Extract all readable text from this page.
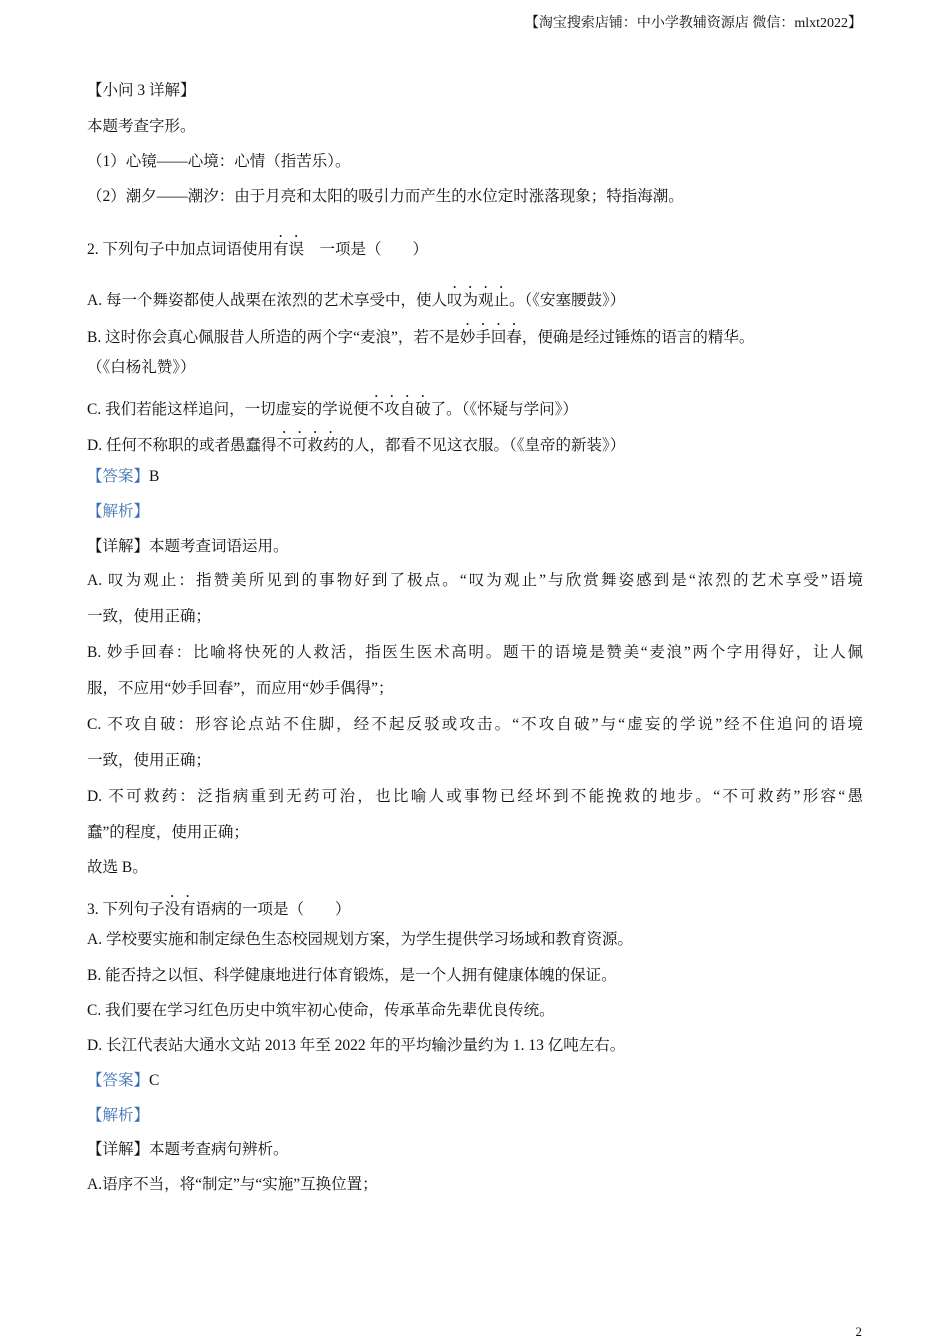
【淘宝搜索店铺：中小学教辅资源店 微信：mlxt2022】
【小问 3 详解】
本题考查字形。
（1）心镜——心境：心情（指苦乐）。
（2）潮夕——潮汐：由于月亮和太阳的吸引力而产生的水位定时涨落现象；特指海潮。
2. 下列句子中加点词语使用有误　 一项是（　　）
A. 每一个舞姿都使人战栗在浓烈的艺术享受中，使人叹为观止。（《安塞腰鼓》）
B. 这时你会真心佩服昔人所造的两个字“麦浪”，若不是妙手回春，便确是经过锤炼的语言的精华。
（《白杨礼赞》）
C. 我们若能这样追问，一切虚妄的学说便不攻自破了。（《怀疑与学问》）
D. 任何不称职的或者愚蠢得不可救药的人，都看不见这衣服。（《皇帝的新装》）
【答案】B
【解析】
【详解】本题考查词语运用。
A. 叹为观止：指赞美所见到的事物好到了极点。“叹为观止”与欣赏舞姿感到是“浓烈的艺术享受”语境
一致，使用正确；
B. 妙手回春：比喻将快死的人救活，指医生医术高明。题干的语境是赞美“麦浪”两个字用得好，让人佩
服，不应用“妙手回春”，而应用“妙手偶得”；
C. 不攻自破：形容论点站不住脚，经不起反驳或攻击。“不攻自破”与“虚妄的学说”经不住追问的语境
一致，使用正确；
D. 不可救药：泛指病重到无药可治，也比喻人或事物已经坏到不能挽救的地步。“不可救药”形容“愚
蠢”的程度，使用正确；
故选 B。
3. 下列句子没有语病的一项是（　　）
A. 学校要实施和制定绿色生态校园规划方案，为学生提供学习场域和教育资源。
B. 能否持之以恒、科学健康地进行体育锻炼，是一个人拥有健康体魄的保证。
C. 我们要在学习红色历史中筑牢初心使命，传承革命先辈优良传统。
D. 长江代表站大通水文站 2013 年至 2022 年的平均输沙量约为 1. 13 亿吨左右。
【答案】C
【解析】
【详解】本题考查病句辨析。
A.语序不当，将“制定”与“实施”互换位置；
2
